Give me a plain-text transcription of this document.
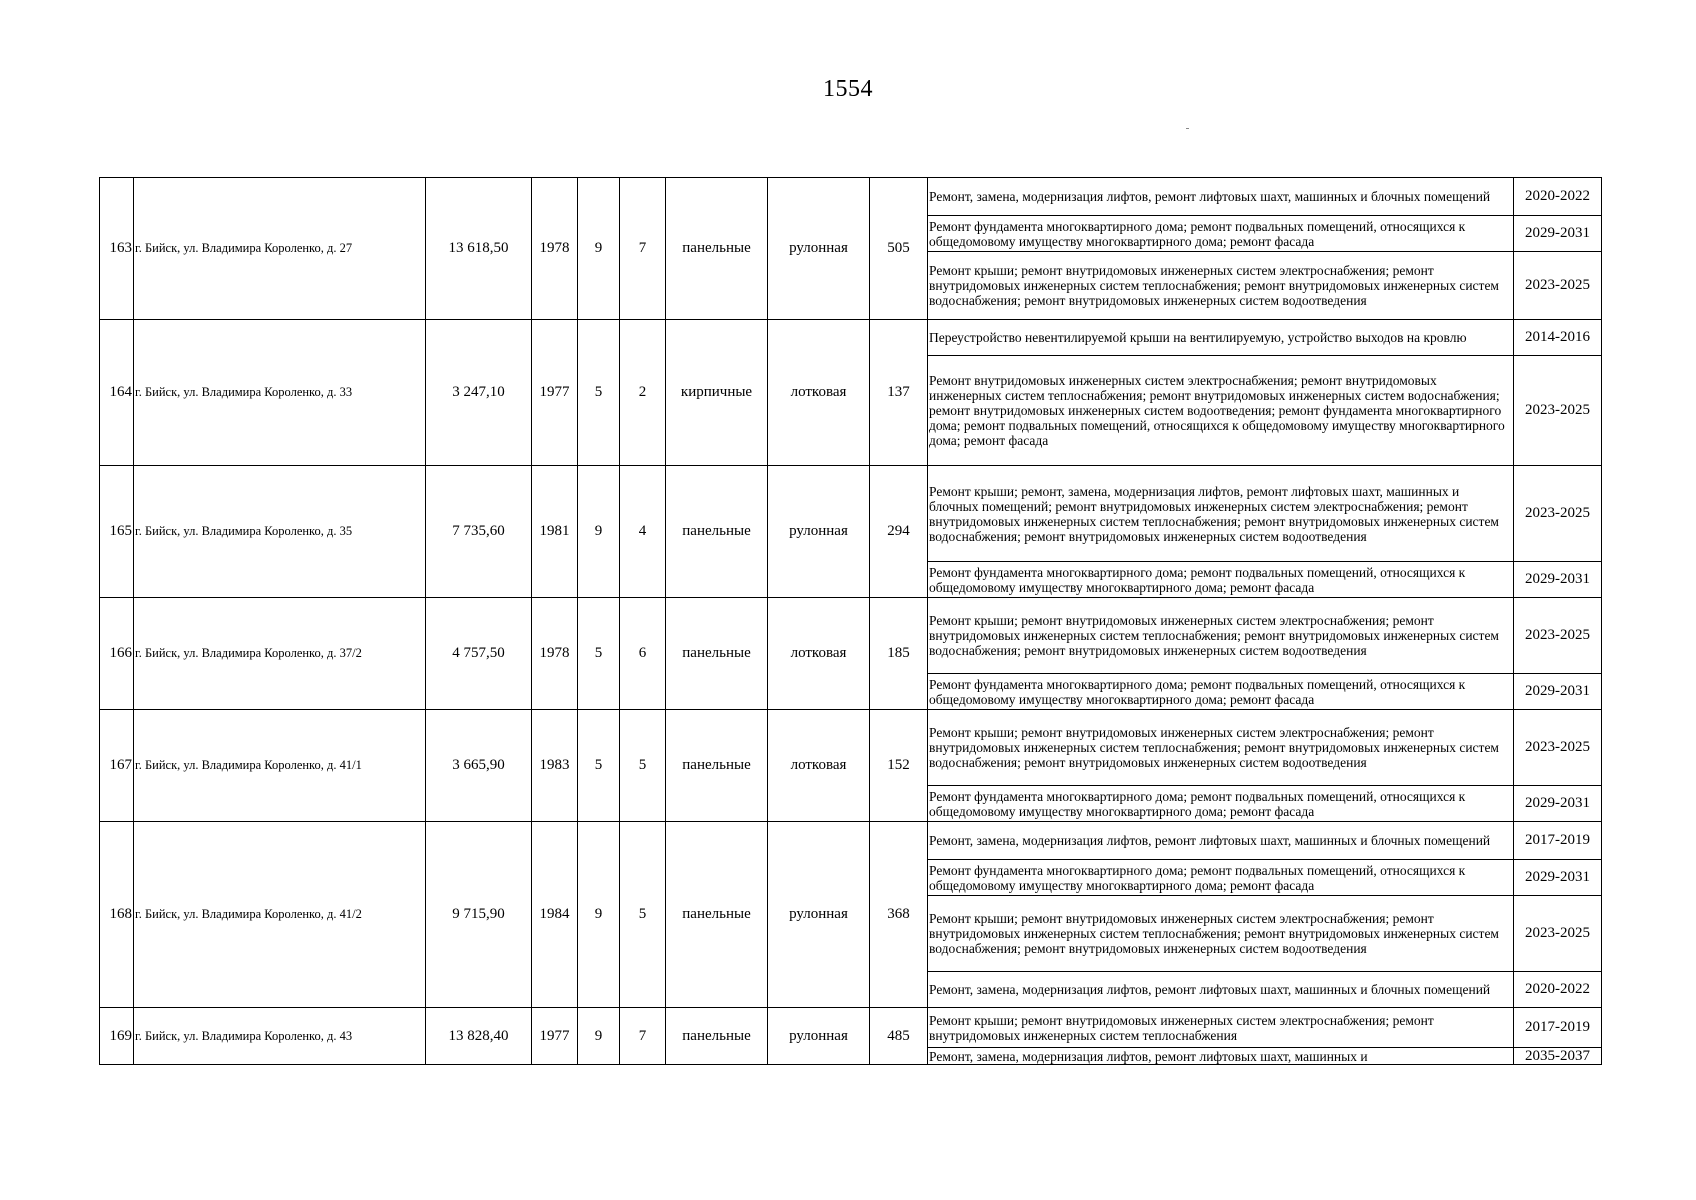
1554
163	г. Бийск, ул. Владимира Короленко, д. 27	13 618,50	1978	9	7	панельные	рулонная	505	Ремонт, замена, модернизация лифтов, ремонт лифтовых шахт, машинных и блочных помещений	2020-2022
									Ремонт фундамента многоквартирного дома; ремонт подвальных помещений, относящихся к общедомовому имуществу многоквартирного дома; ремонт фасада	2029-2031
									Ремонт крыши; ремонт внутридомовых инженерных систем электроснабжения; ремонт внутридомовых инженерных систем теплоснабжения; ремонт внутридомовых инженерных систем водоснабжения; ремонт внутридомовых инженерных систем водоотведения	2023-2025
164	г. Бийск, ул. Владимира Короленко, д. 33	3 247,10	1977	5	2	кирпичные	лотковая	137	Переустройство невентилируемой крыши на вентилируемую, устройство выходов на кровлю	2014-2016
									Ремонт внутридомовых инженерных систем электроснабжения; ремонт внутридомовых инженерных систем теплоснабжения; ремонт внутридомовых инженерных систем водоснабжения; ремонт внутридомовых инженерных систем водоотведения; ремонт фундамента многоквартирного дома; ремонт подвальных помещений, относящихся к общедомовому имуществу многоквартирного дома; ремонт фасада	2023-2025
165	г. Бийск, ул. Владимира Короленко, д. 35	7 735,60	1981	9	4	панельные	рулонная	294	Ремонт крыши; ремонт, замена, модернизация лифтов, ремонт лифтовых шахт, машинных и блочных помещений; ремонт внутридомовых инженерных систем электроснабжения; ремонт внутридомовых инженерных систем теплоснабжения; ремонт внутридомовых инженерных систем водоснабжения; ремонт внутридомовых инженерных систем водоотведения	2023-2025
									Ремонт фундамента многоквартирного дома; ремонт подвальных помещений, относящихся к общедомовому имуществу многоквартирного дома; ремонт фасада	2029-2031
166	г. Бийск, ул. Владимира Короленко, д. 37/2	4 757,50	1978	5	6	панельные	лотковая	185	Ремонт крыши; ремонт внутридомовых инженерных систем электроснабжения; ремонт внутридомовых инженерных систем теплоснабжения; ремонт внутридомовых инженерных систем водоснабжения; ремонт внутридомовых инженерных систем водоотведения	2023-2025
									Ремонт фундамента многоквартирного дома; ремонт подвальных помещений, относящихся к общедомовому имуществу многоквартирного дома; ремонт фасада	2029-2031
167	г. Бийск, ул. Владимира Короленко, д. 41/1	3 665,90	1983	5	5	панельные	лотковая	152	Ремонт крыши; ремонт внутридомовых инженерных систем электроснабжения; ремонт внутридомовых инженерных систем теплоснабжения; ремонт внутридомовых инженерных систем водоснабжения; ремонт внутридомовых инженерных систем водоотведения	2023-2025
									Ремонт фундамента многоквартирного дома; ремонт подвальных помещений, относящихся к общедомовому имуществу многоквартирного дома; ремонт фасада	2029-2031
168	г. Бийск, ул. Владимира Короленко, д. 41/2	9 715,90	1984	9	5	панельные	рулонная	368	Ремонт, замена, модернизация лифтов, ремонт лифтовых шахт, машинных и блочных помещений	2017-2019
									Ремонт фундамента многоквартирного дома; ремонт подвальных помещений, относящихся к общедомовому имуществу многоквартирного дома; ремонт фасада	2029-2031
									Ремонт крыши; ремонт внутридомовых инженерных систем электроснабжения; ремонт внутридомовых инженерных систем теплоснабжения; ремонт внутридомовых инженерных систем водоснабжения; ремонт внутридомовых инженерных систем водоотведения	2023-2025
									Ремонт, замена, модернизация лифтов, ремонт лифтовых шахт, машинных и блочных помещений	2020-2022
169	г. Бийск, ул. Владимира Короленко, д. 43	13 828,40	1977	9	7	панельные	рулонная	485	Ремонт крыши; ремонт внутридомовых инженерных систем электроснабжения; ремонт внутридомовых инженерных систем теплоснабжения	2017-2019
									Ремонт, замена, модернизация лифтов, ремонт лифтовых шахт, машинных и	2035-2037
